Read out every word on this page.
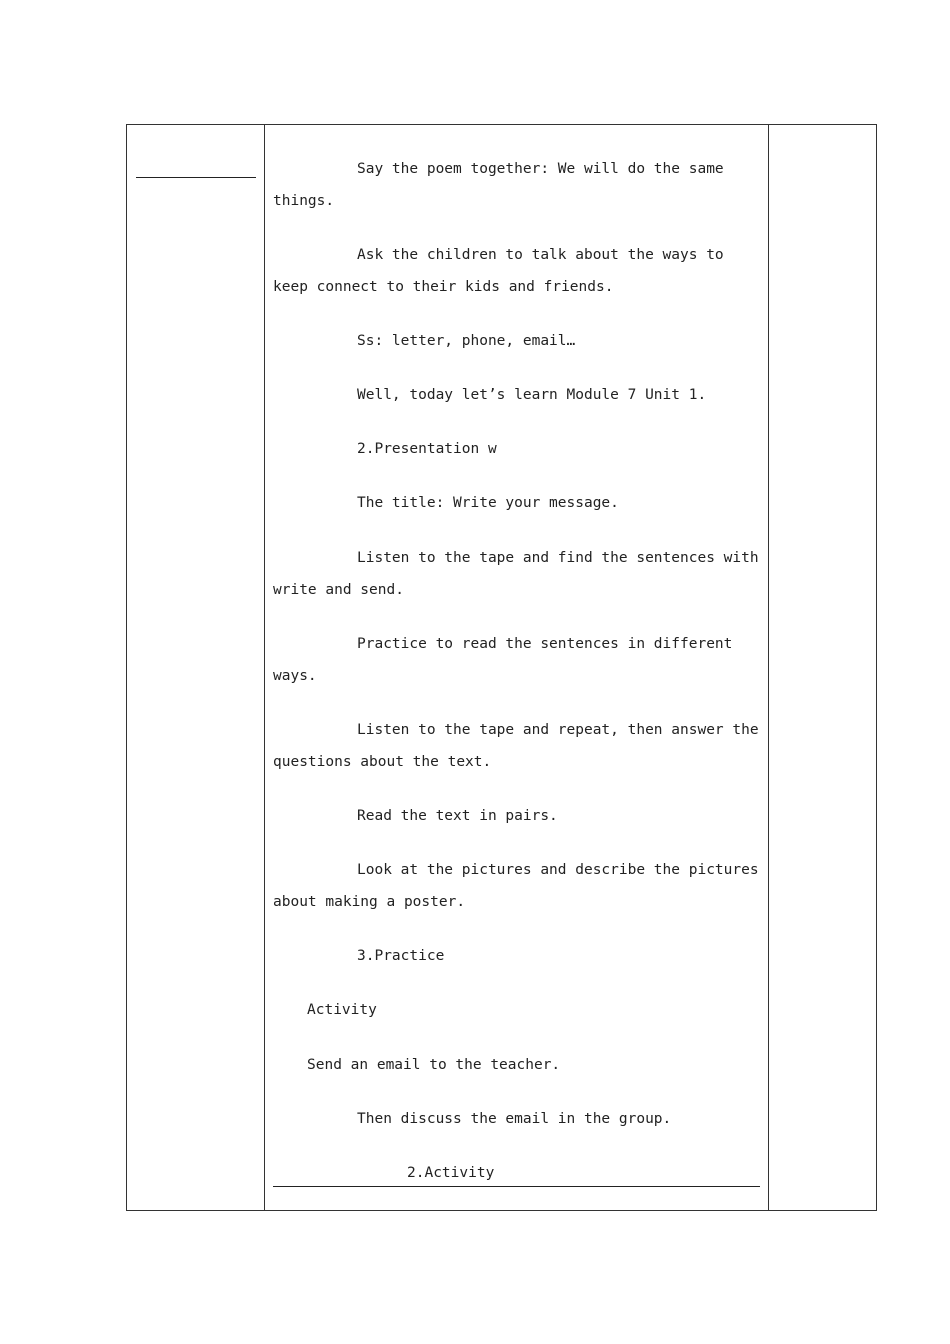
Say the poem together: We will do the same things.

Ask the children to talk about the ways to keep connect to their kids and friends.

Ss: letter, phone, email…

Well, today let’s learn Module 7 Unit 1.

2.Presentation w

The title: Write your message.

Listen to the tape and find the sentences with write and send.

Practice to read the sentences in different ways.

Listen to the tape and repeat, then answer the questions about the text.

Read the text in pairs.

Look at the pictures and describe the pictures about making a poster.

3.Practice

Activity

Send an email to the teacher.

Then discuss the email in the group.

2.Activity
